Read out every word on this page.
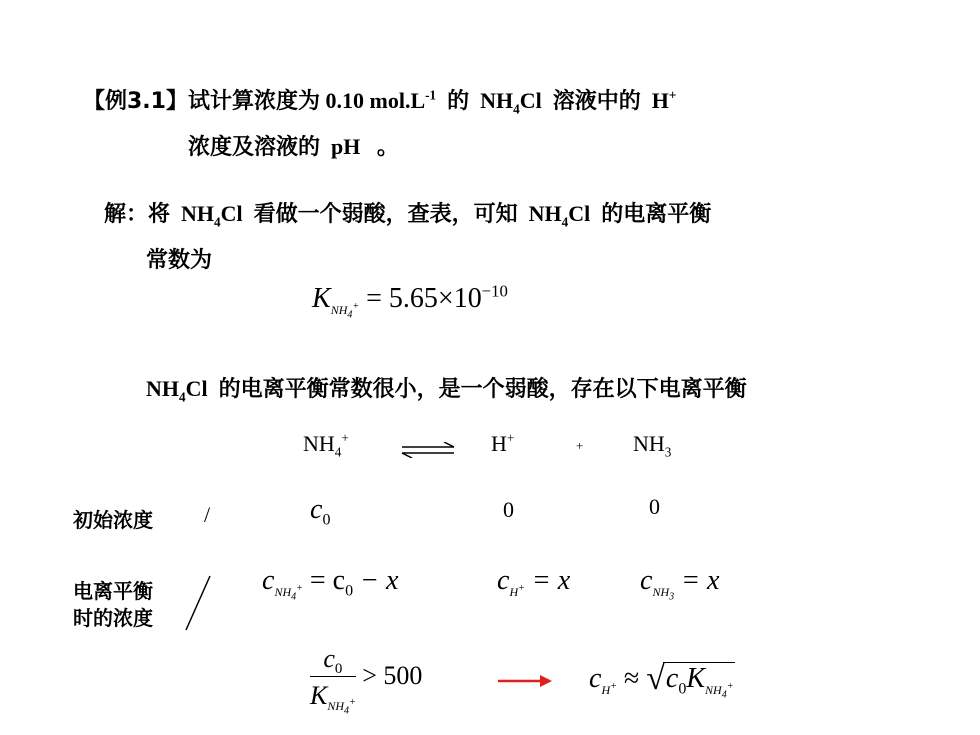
【例3.1】试计算浓度为 0.10 $mol.L^{-1}$ 的 $NH_4Cl$ 溶液中的 H+
浓度及溶液的 pH 。
解：将 $NH_4Cl$ 看做一个弱酸，查表，可知 $NH_4Cl$ 的电离平衡
常数为
$K_{NH_4^+} = 5.65\times 10^{-10}$
$NH_4Cl$ 的电离平衡常数很小，是一个弱酸，存在以下电离平衡
$NH_4^+$	H+	+ $NH_3$
初始浓度 /	$c_0$	0	0
电离平衡
时的浓度
$c_{NH_4^+} = c_0 - x$	$c_{H^+} = x$ $c_{NH_3} = x$
$\frac{c_0}{K_{NH_4^+}} > 500$	$c_{H^+} \approx √c_0K_{NH_4^+}$
